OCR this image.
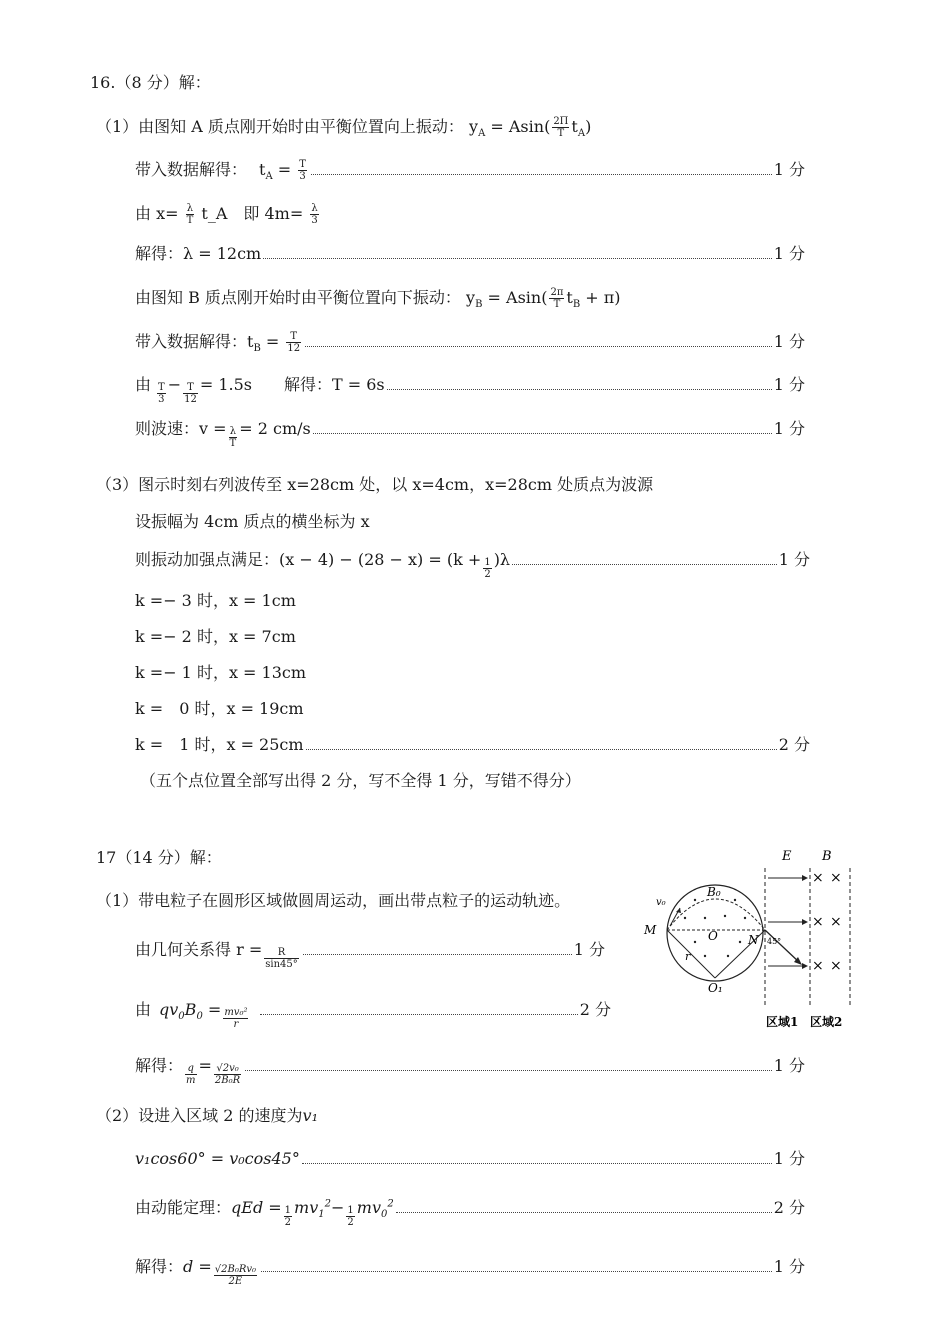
16.（8 分）解：
（1）由图知 A 质点刚开始时由平衡位置向上振动： $y_A = Asin( \frac{2\Pi}{T} t_A)$
带入数据解得： $t_A = \frac{T}{3}$	1 分
由 $x= \frac{\lambda}{T}$ t_A　即 $4m= \frac{\lambda}{3}$
解得：λ = 12cm	1 分
由图知 B 质点刚开始时由平衡位置向下振动： $y_B = Asin( \frac{2\pi}{T} t_B + \pi)$
带入数据解得： $t_B = \frac{T}{12}$	1 分
由 $\frac{T}{3} - \frac{T}{12} = 1.5s$　　解得：T = 6s	1 分
则波速：$v = \frac{\lambda}{T} = 2$ cm/s	1 分
（3）图示时刻右列波传至 x=28cm 处，以 x=4cm，x=28cm 处质点为波源
设振幅为 4cm 质点的横坐标为 x
则振动加强点满足：$(x - 4) - (28 - x) = (k + \frac{1}{2} )\lambda$	1 分
k =− 3 时，x = 1cm
k =− 2 时，x = 7cm
k =− 1 时，x = 13cm
k =　0 时，x = 19cm
k =　1 时，x = 25cm	2 分
（五个点位置全部写出得 2 分，写不全得 1 分，写错不得分）
17（14 分）解：
（1）带电粒子在圆形区域做圆周运动，画出带点粒子的运动轨迹。
由几何关系得 $r = \frac{R}{\sin 45^\circ}$	1 分
由 $qv_0B_0 = \frac{\text{mv₀²}}{r}$	2 分
解得： $\frac{q}{m} = \frac{\text{√2v₀}}{\text{2B₀R}}$	1 分
（2）设进入区域 2 的速度为v₁
v₁cos60° = v₀cos45°	1 分
由动能定理： qEd = $\frac{1}{2} mv_1^2 - \frac{1}{2} mv_0^2$	2 分
解得： $d = \frac{\text{√2B₀Rv₀}}{2E}$	1 分
E B
v₀
B₀
M	O	N
r
O₁
45°
× ×
× ×
× ×
区域1 区域2
